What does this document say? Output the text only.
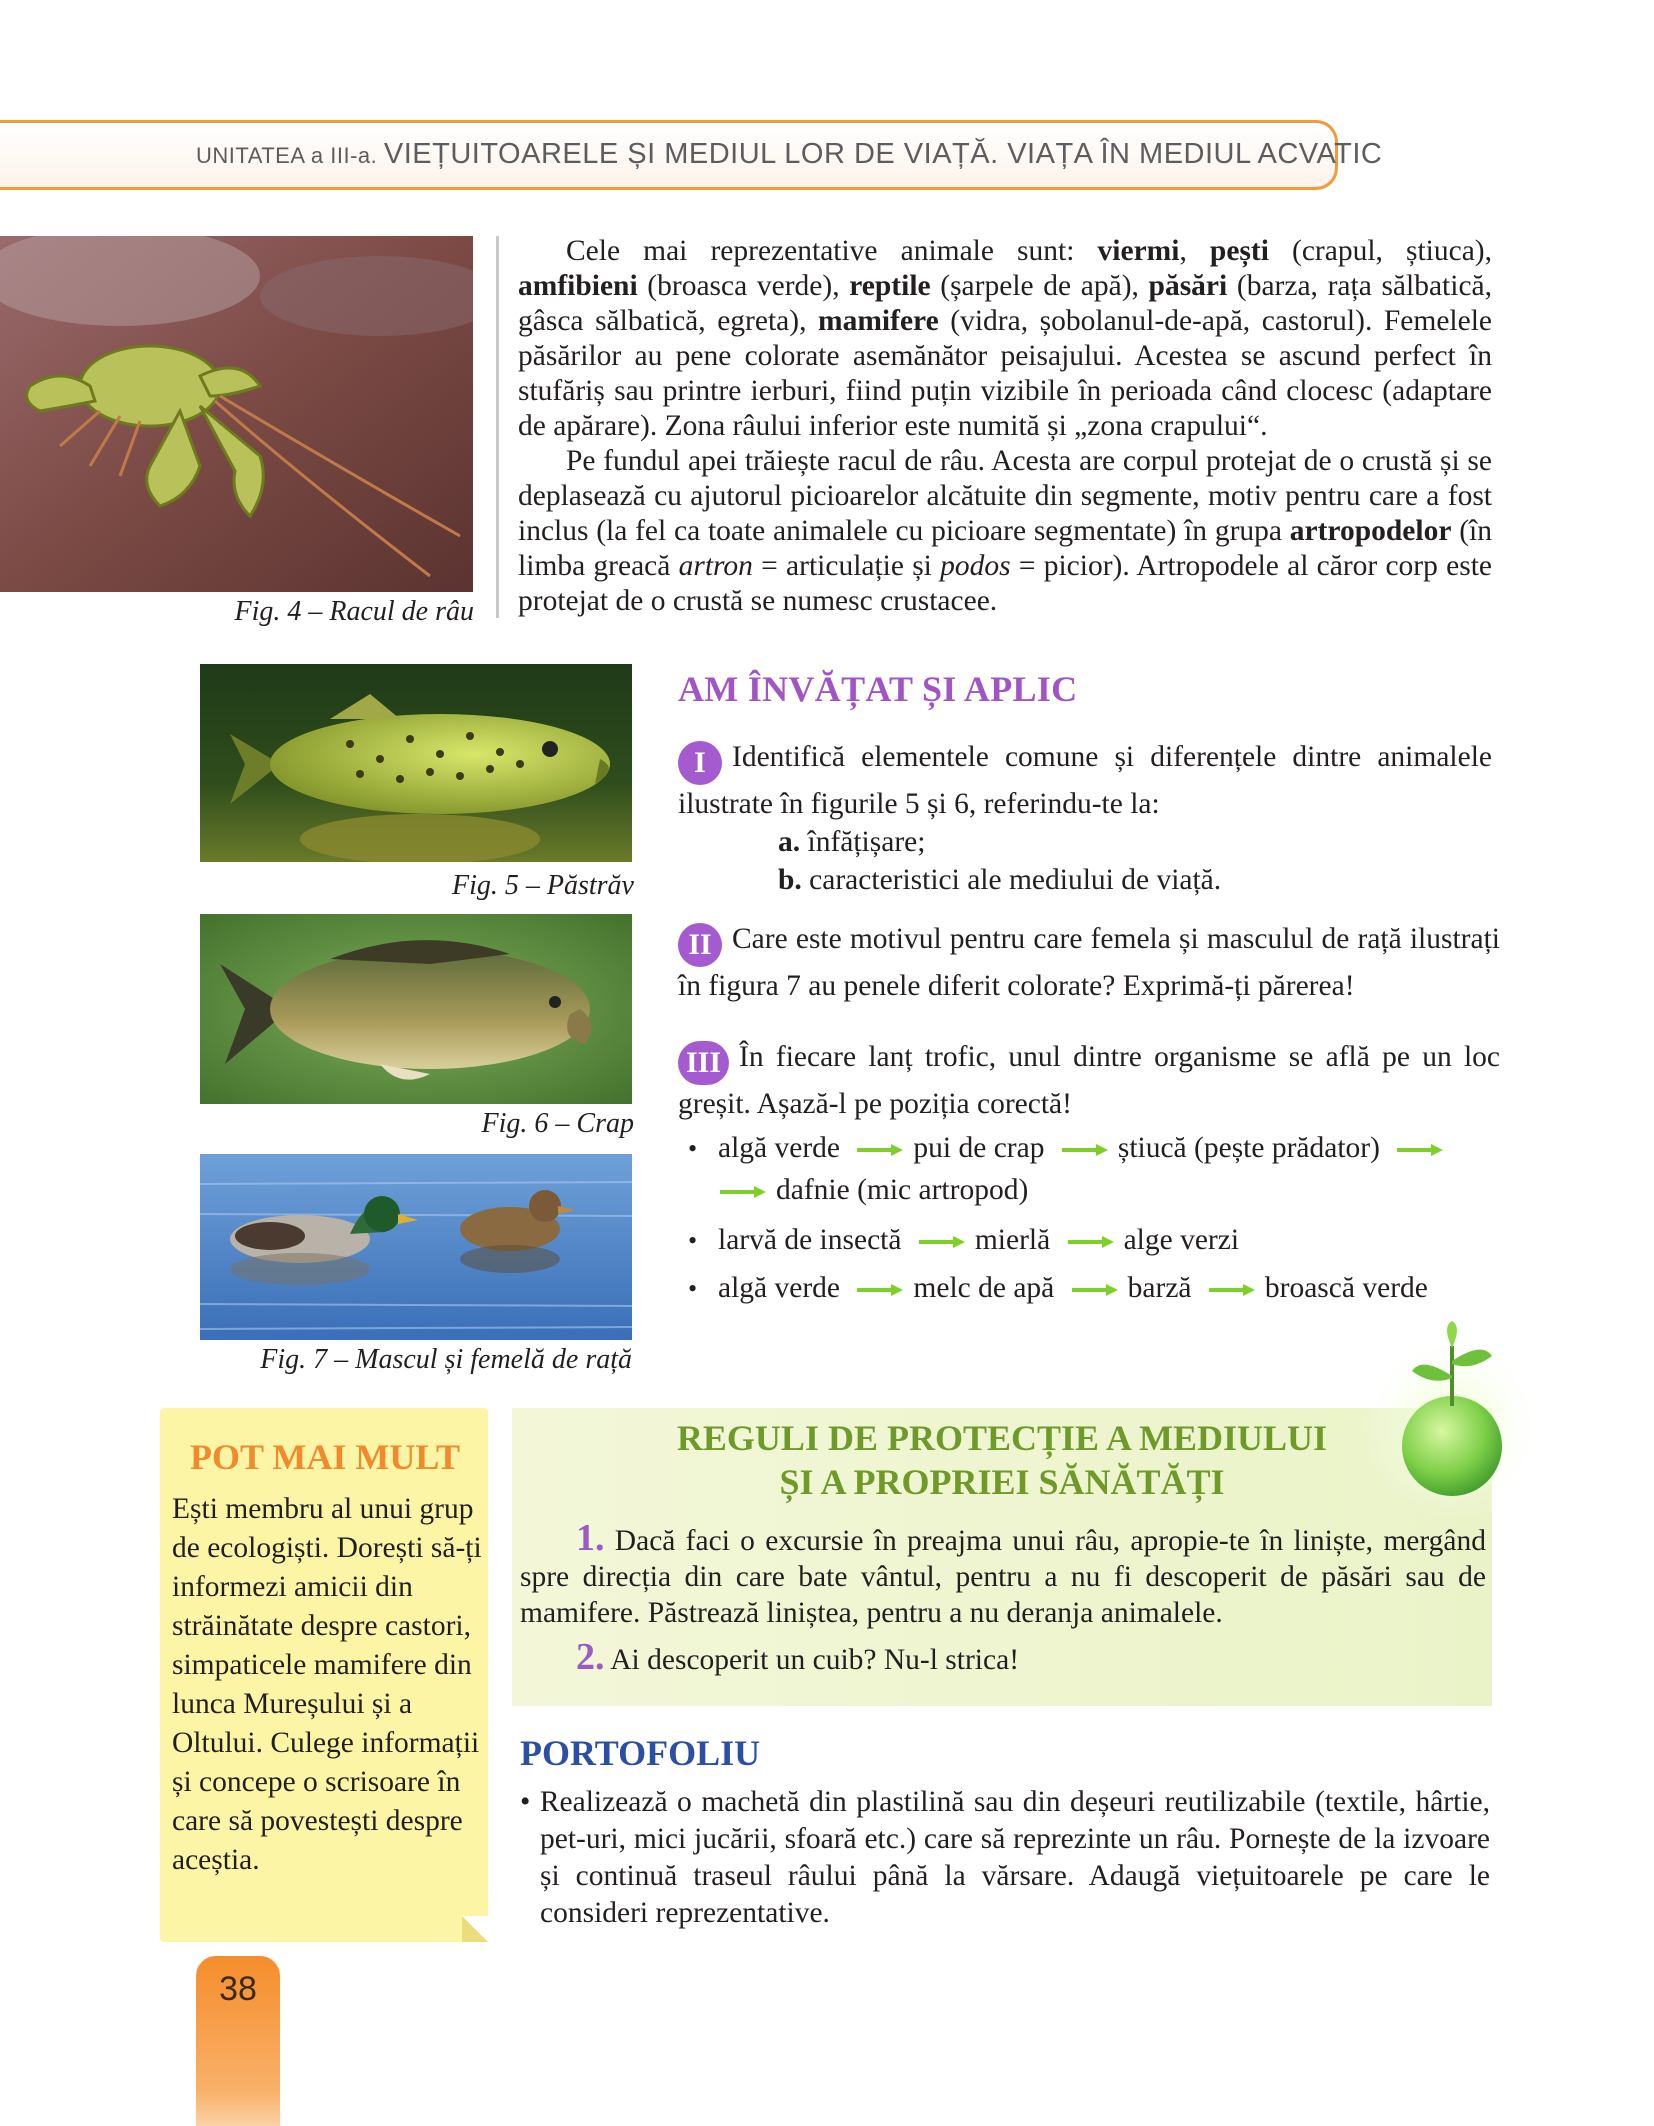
UNITATEA a III-a. VIEȚUITOARELE ȘI MEDIUL LOR DE VIAȚĂ. VIAȚA ÎN MEDIUL ACVATIC
Fig. 4 – Racul de râu

Cele mai reprezentative animale sunt: viermi, pești (crapul, știuca), amfibieni (broasca verde), reptile (șarpele de apă), păsări (barza, rața sălbatică, gâsca sălbatică, egreta), mamifere (vidra, șobolanul-de-apă, castorul). Femelele păsărilor au pene colorate asemănător peisajului. Acestea se ascund perfect în stufăriș sau printre ierburi, fiind puțin vizibile în perioada când clocesc (adaptare de apărare). Zona râului inferior este numită și „zona crapului“.

Pe fundul apei trăiește racul de râu. Acesta are corpul protejat de o crustă și se deplasează cu ajutorul picioarelor alcătuite din segmente, motiv pentru care a fost inclus (la fel ca toate animalele cu picioare segmentate) în grupa artropodelor (în limba greacă artron = articulație și podos = picior). Artropodele al căror corp este protejat de o crustă se numesc crustacee.

Fig. 5 – Păstrăv
Fig. 6 – Crap
Fig. 7 – Mascul și femelă de rață
AM ÎNVĂȚAT ȘI APLIC
I Identifică elementele comune și diferențele dintre animalele ilustrate în figurile 5 și 6, referindu-te la:
a. înfățișare;
b. caracteristici ale mediului de viață.
II Care este motivul pentru care femela și masculul de rață ilustrați în figura 7 au penele diferit colorate? Exprimă-ți părerea!
III În fiecare lanț trofic, unul dintre organisme se află pe un loc greșit. Așază-l pe poziția corectă!
• algă verde pui de crap știucă (pește prădator)
dafnie (mic artropod)
• larvă de insectă mierlă alge verzi
• algă verde melc de apă barză broască verde
POT MAI MULT
Ești membru al unui grup de ecologiști. Dorești să-ți informezi amicii din străinătate despre castori, simpaticele mamifere din lunca Mureșului și a Oltului. Culege informații și concepe o scrisoare în care să povestești despre aceștia.
REGULI DE PROTECȚIE A MEDIULUI
ȘI A PROPRIEI SĂNĂTĂȚI

1. Dacă faci o excursie în preajma unui râu, apropie-te în liniște, mergând spre direcția din care bate vântul, pentru a nu fi descoperit de păsări sau de mamifere. Păstrează liniștea, pentru a nu deranja animalele.

2. Ai descoperit un cuib? Nu-l strica!

PORTOFOLIU
• Realizează o machetă din plastilină sau din deșeuri reutilizabile (textile, hârtie, pet-uri, mici jucării, sfoară etc.) care să reprezinte un râu. Pornește de la izvoare și continuă traseul râului până la vărsare. Adaugă viețuitoarele pe care le consideri reprezentative.
38
